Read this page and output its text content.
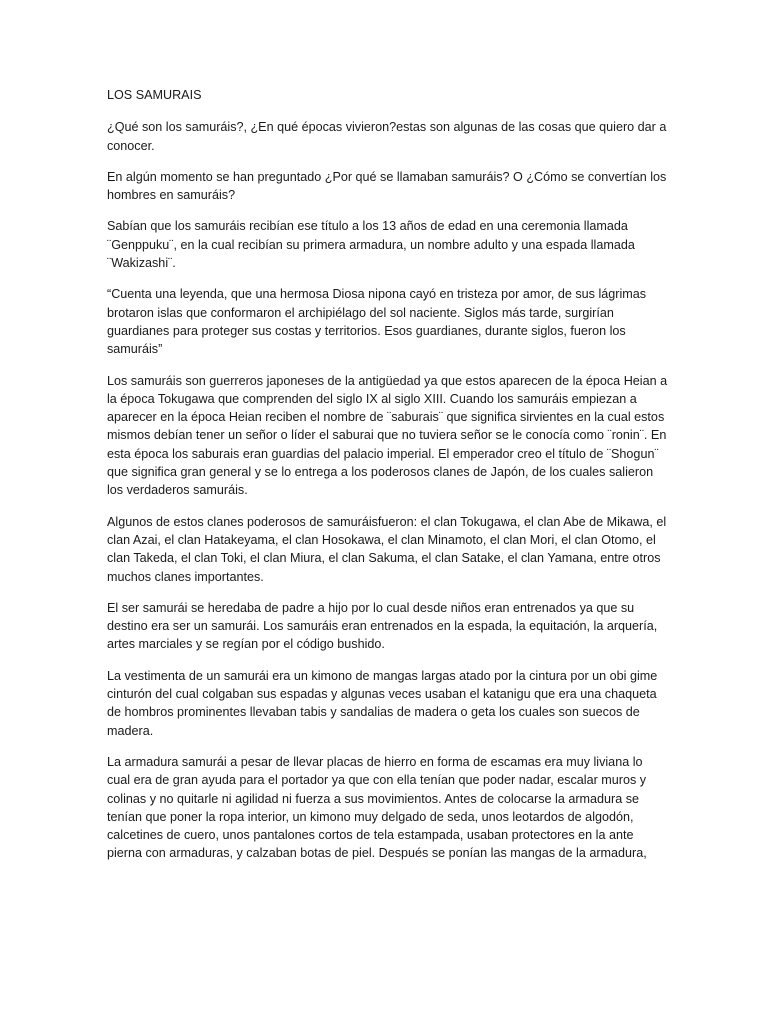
LOS SAMURAIS

¿Qué son los samuráis?, ¿En qué épocas vivieron?estas son algunas de las cosas que quiero dar a conocer.

En algún momento se han preguntado ¿Por qué se llamaban samuráis? O ¿Cómo se convertían los hombres en samuráis?

Sabían que los samuráis recibían ese título a los 13 años de edad en una ceremonia llamada ¨Genppuku¨, en la cual recibían su primera armadura, un nombre adulto y una espada llamada ¨Wakizashi¨.

“Cuenta una leyenda, que una hermosa Diosa nipona cayó en tristeza por amor, de sus lágrimas brotaron islas que conformaron el archipiélago del sol naciente. Siglos más tarde, surgirían guardianes para proteger sus costas y territorios. Esos guardianes, durante siglos, fueron los samuráis”

Los samuráis son guerreros japoneses de la antigüedad ya que estos aparecen de la época Heian a la época Tokugawa que comprenden del siglo IX al siglo XIII. Cuando los samuráis empiezan a aparecer en la época Heian reciben el nombre de ¨saburais¨ que significa sirvientes en la cual estos mismos debían tener un señor o líder el saburai que no tuviera señor se le conocía como ¨ronin¨. En esta época los saburais eran guardias del palacio imperial. El emperador creo el título de ¨Shogun¨ que significa gran general y se lo entrega a los poderosos clanes de Japón, de los cuales salieron los verdaderos samuráis.

Algunos de estos clanes poderosos de samuráisfueron: el clan Tokugawa, el clan Abe de Mikawa, el clan Azai, el clan Hatakeyama, el clan Hosokawa, el clan Minamoto, el clan Mori, el clan Otomo, el clan Takeda, el clan Toki, el clan Miura, el clan Sakuma, el clan Satake, el clan Yamana, entre otros muchos clanes importantes.

El ser samurái se heredaba de padre a hijo por lo cual desde niños eran entrenados ya que su destino era ser un samurái. Los samuráis eran entrenados en la espada, la equitación, la arquería, artes marciales y se regían por el código bushido.

La vestimenta de un samurái era un kimono de mangas largas atado por la cintura por un obi gime cinturón del cual colgaban sus espadas y algunas veces usaban el katanigu que era una chaqueta de hombros prominentes llevaban tabis y sandalias de madera o geta los cuales son suecos de madera.

La armadura samurái a pesar de llevar placas de hierro en forma de escamas era muy liviana lo cual era de gran ayuda para el portador ya que con ella tenían que poder nadar, escalar muros y colinas y no quitarle ni agilidad ni fuerza a sus movimientos. Antes de colocarse la armadura se tenían que poner la ropa interior, un kimono muy delgado de seda, unos leotardos de algodón, calcetines de cuero, unos pantalones cortos de tela estampada, usaban protectores en la ante pierna con armaduras, y calzaban botas de piel. Después se ponían las mangas de la armadura,
